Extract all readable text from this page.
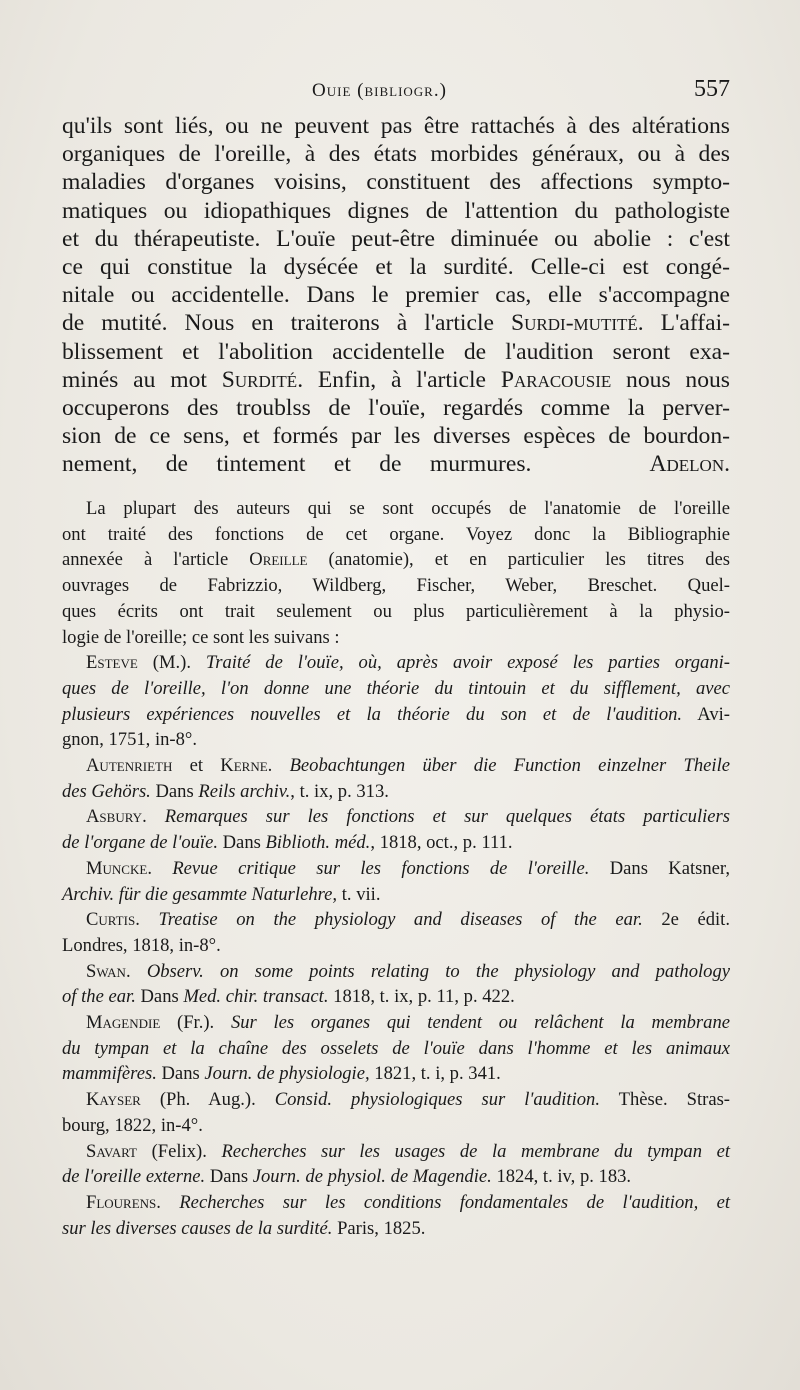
Ouie (bibliogr.)	557
qu'ils sont liés, ou ne peuvent pas être rattachés à des altérations
organiques de l'oreille, à des états morbides généraux, ou à des
maladies d'organes voisins, constituent des affections sympto-
matiques ou idiopathiques dignes de l'attention du pathologiste
et du thérapeutiste. L'ouïe peut-être diminuée ou abolie : c'est
ce qui constitue la dysécée et la surdité. Celle-ci est congé-
nitale ou accidentelle. Dans le premier cas, elle s'accompagne
de mutité. Nous en traiterons à l'article Surdi-mutité. L'affai-
blissement et l'abolition accidentelle de l'audition seront exa-
minés au mot Surdité. Enfin, à l'article Paracousie nous nous
occuperons des troublss de l'ouïe, regardés comme la perver-
sion de ce sens, et formés par les diverses espèces de bourdon-
nement, de tintement et de murmures.	Adelon.
La plupart des auteurs qui se sont occupés de l'anatomie de l'oreille
ont traité des fonctions de cet organe. Voyez donc la Bibliographie
annexée à l'article Oreille (anatomie), et en particulier les titres des
ouvrages de Fabrizzio, Wildberg, Fischer, Weber, Breschet. Quel-
ques écrits ont trait seulement ou plus particulièrement à la physio-
logie de l'oreille; ce sont les suivans :
Esteve (M.). Traité de l'ouïe, où, après avoir exposé les parties organi-
ques de l'oreille, l'on donne une théorie du tintouin et du sifflement, avec
plusieurs expériences nouvelles et la théorie du son et de l'audition. Avi-
gnon, 1751, in-8°.
Autenrieth et Kerne. Beobachtungen über die Function einzelner Theile
des Gehörs. Dans Reils archiv., t. ix, p. 313.
Asbury. Remarques sur les fonctions et sur quelques états particuliers
de l'organe de l'ouïe. Dans Biblioth. méd., 1818, oct., p. 111.
Muncke. Revue critique sur les fonctions de l'oreille. Dans Katsner,
Archiv. für die gesammte Naturlehre, t. vii.
Curtis. Treatise on the physiology and diseases of the ear. 2e édit.
Londres, 1818, in-8°.
Swan. Observ. on some points relating to the physiology and pathology
of the ear. Dans Med. chir. transact. 1818, t. ix, p. 11, p. 422.
Magendie (Fr.). Sur les organes qui tendent ou relâchent la membrane
du tympan et la chaîne des osselets de l'ouïe dans l'homme et les animaux
mammifères. Dans Journ. de physiologie, 1821, t. i, p. 341.
Kayser (Ph. Aug.). Consid. physiologiques sur l'audition. Thèse. Stras-
bourg, 1822, in-4°.
Savart (Felix). Recherches sur les usages de la membrane du tympan et
de l'oreille externe. Dans Journ. de physiol. de Magendie. 1824, t. iv, p. 183.
Flourens. Recherches sur les conditions fondamentales de l'audition, et
sur les diverses causes de la surdité. Paris, 1825.
